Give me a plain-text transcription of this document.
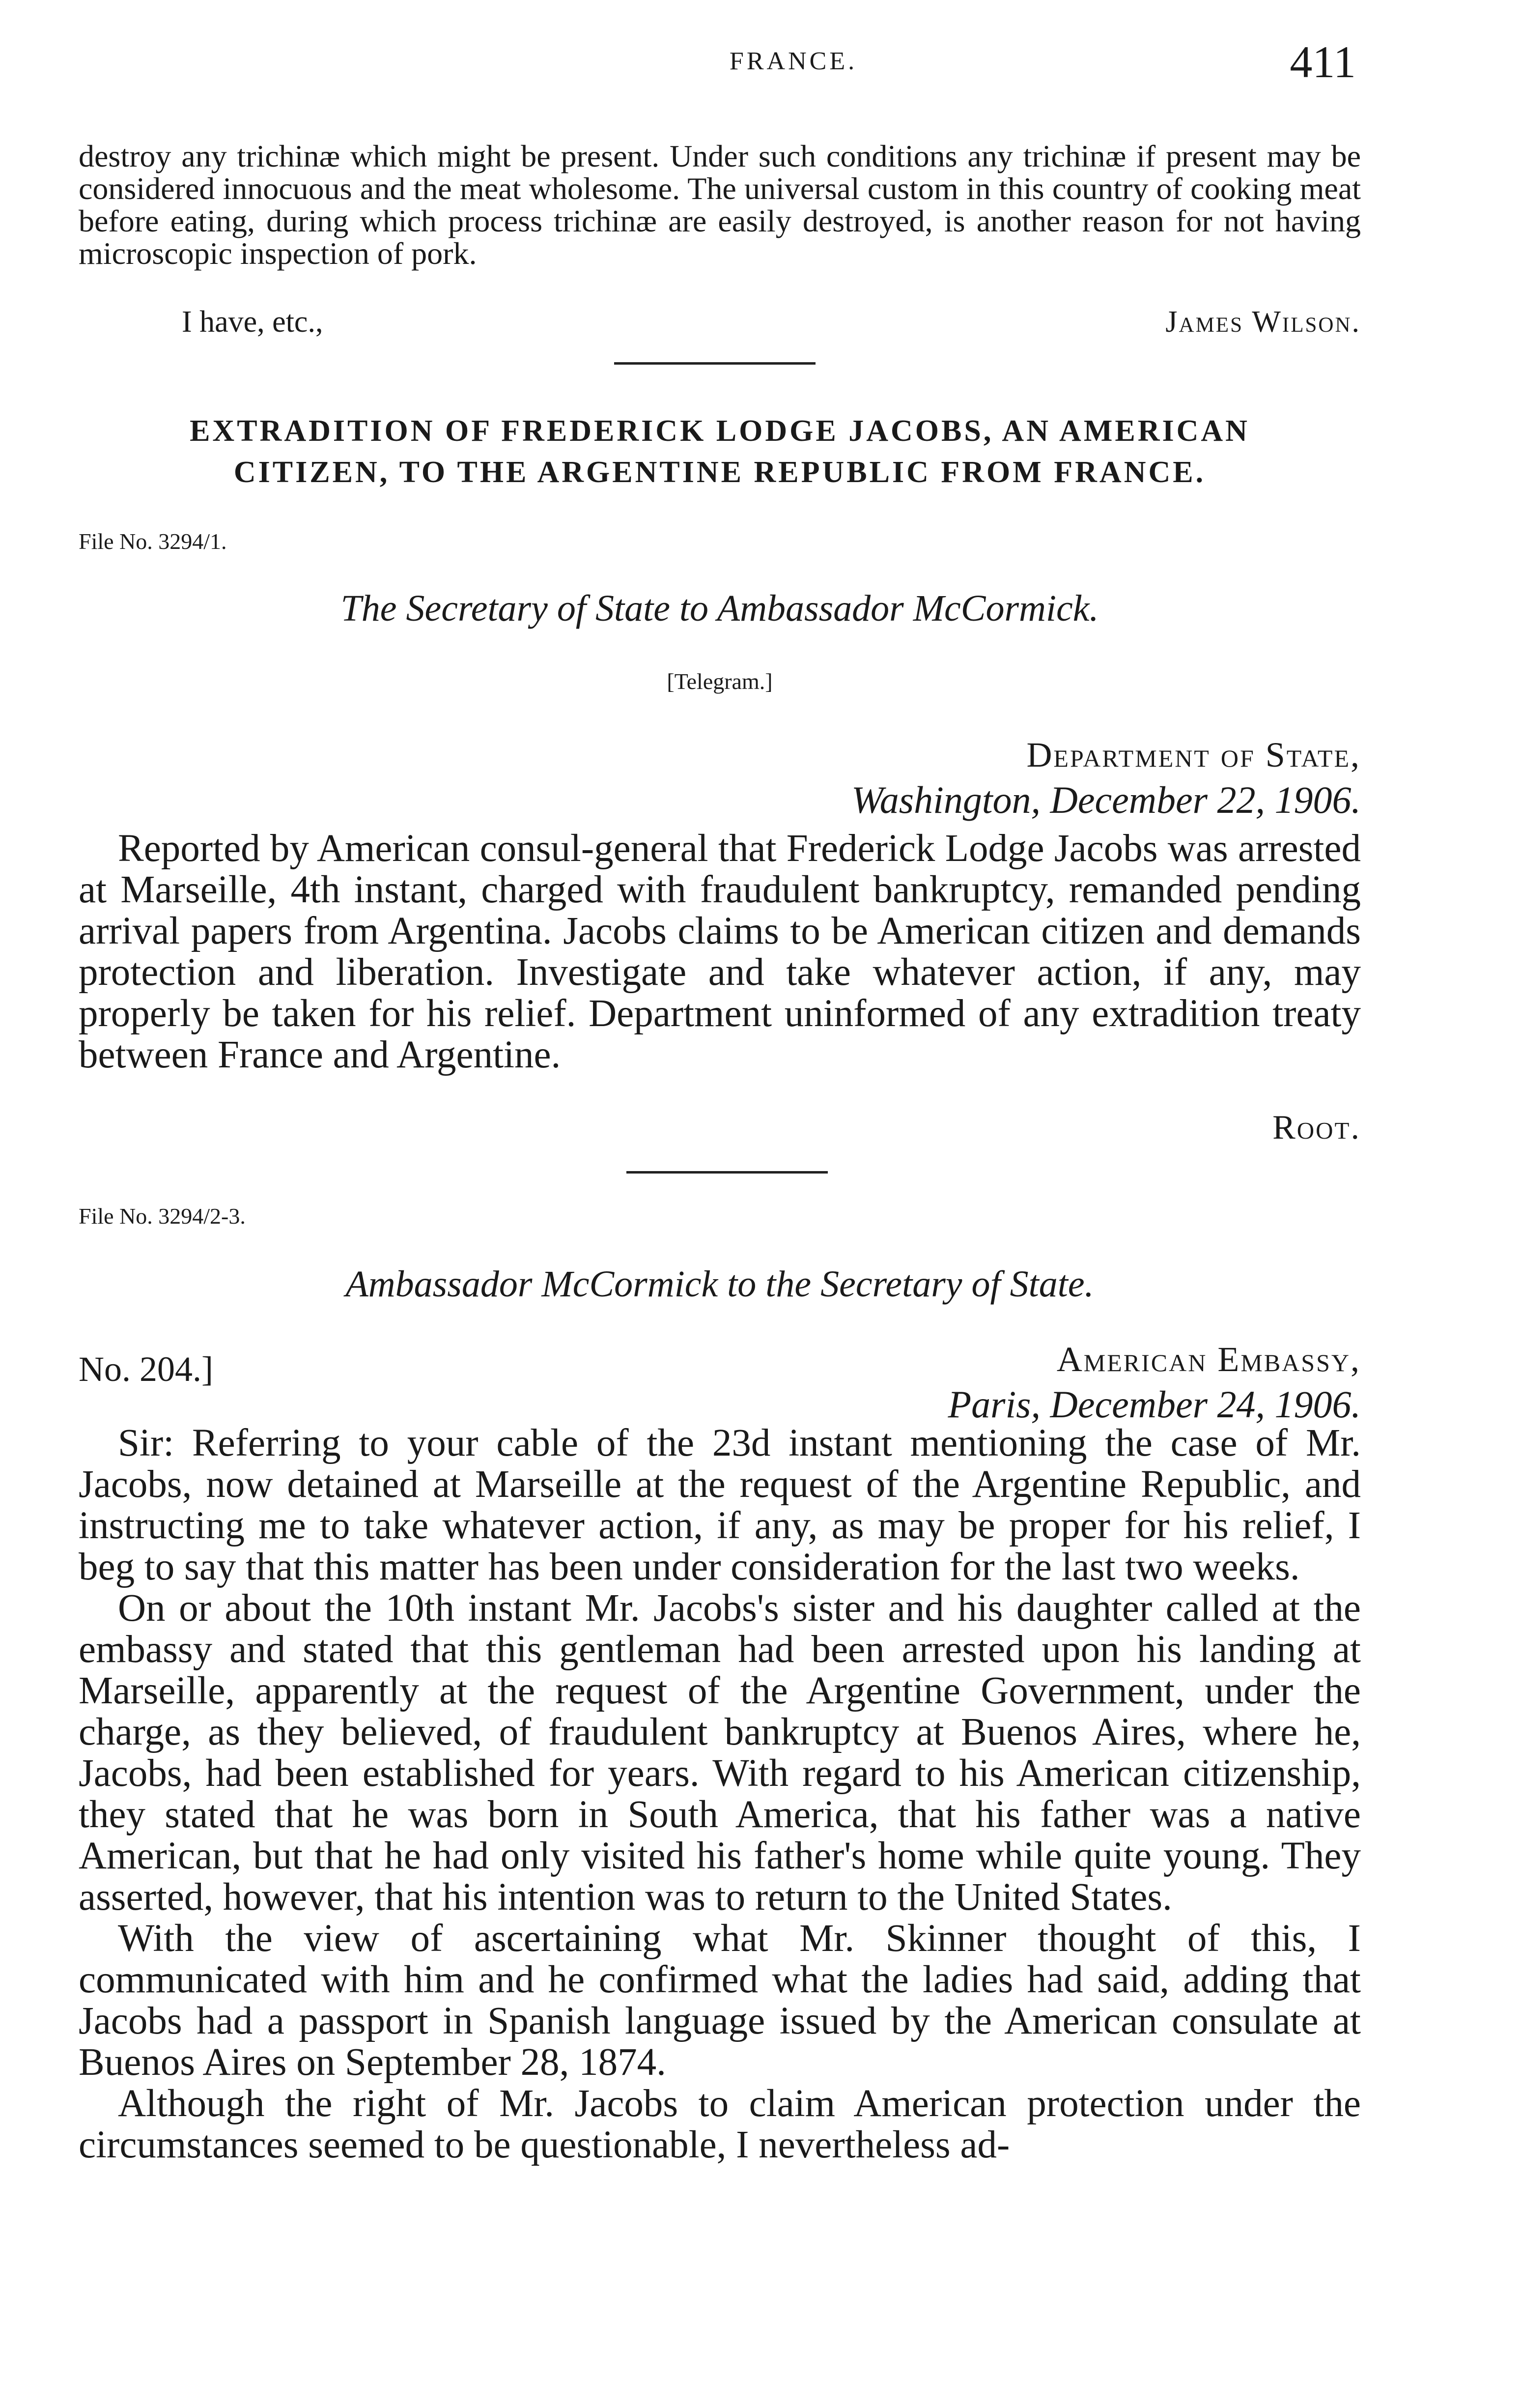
FRANCE.	411

destroy any trichinæ which might be present. Under such conditions any trichinæ if present may be considered innocuous and the meat wholesome. The universal custom in this country of cooking meat before eating, during which process trichinæ are easily destroyed, is another reason for not having microscopic inspection of pork.

I have, etc.,	James Wilson.
EXTRADITION OF FREDERICK LODGE JACOBS, AN AMERICAN
CITIZEN, TO THE ARGENTINE REPUBLIC FROM FRANCE.
File No. 3294/1.
The Secretary of State to Ambassador McCormick.
[Telegram.]
Department of State,
Washington, December 22, 1906.

Reported by American consul-general that Frederick Lodge Jacobs was arrested at Marseille, 4th instant, charged with fraudulent bankruptcy, remanded pending arrival papers from Argentina. Jacobs claims to be American citizen and demands protection and liberation. Investigate and take whatever action, if any, may properly be taken for his relief. Department uninformed of any extradition treaty between France and Argentine.

Root.
File No. 3294/2-3.
Ambassador McCormick to the Secretary of State.
No. 204.]	American Embassy,
Paris, December 24, 1906.

Sir: Referring to your cable of the 23d instant mentioning the case of Mr. Jacobs, now detained at Marseille at the request of the Argentine Republic, and instructing me to take whatever action, if any, as may be proper for his relief, I beg to say that this matter has been under consideration for the last two weeks.

On or about the 10th instant Mr. Jacobs's sister and his daughter called at the embassy and stated that this gentleman had been arrested upon his landing at Marseille, apparently at the request of the Argentine Government, under the charge, as they believed, of fraudulent bankruptcy at Buenos Aires, where he, Jacobs, had been established for years. With regard to his American citizenship, they stated that he was born in South America, that his father was a native American, but that he had only visited his father's home while quite young. They asserted, however, that his intention was to return to the United States.

With the view of ascertaining what Mr. Skinner thought of this, I communicated with him and he confirmed what the ladies had said, adding that Jacobs had a passport in Spanish language issued by the American consulate at Buenos Aires on September 28, 1874.

Although the right of Mr. Jacobs to claim American protection under the circumstances seemed to be questionable, I nevertheless ad-
